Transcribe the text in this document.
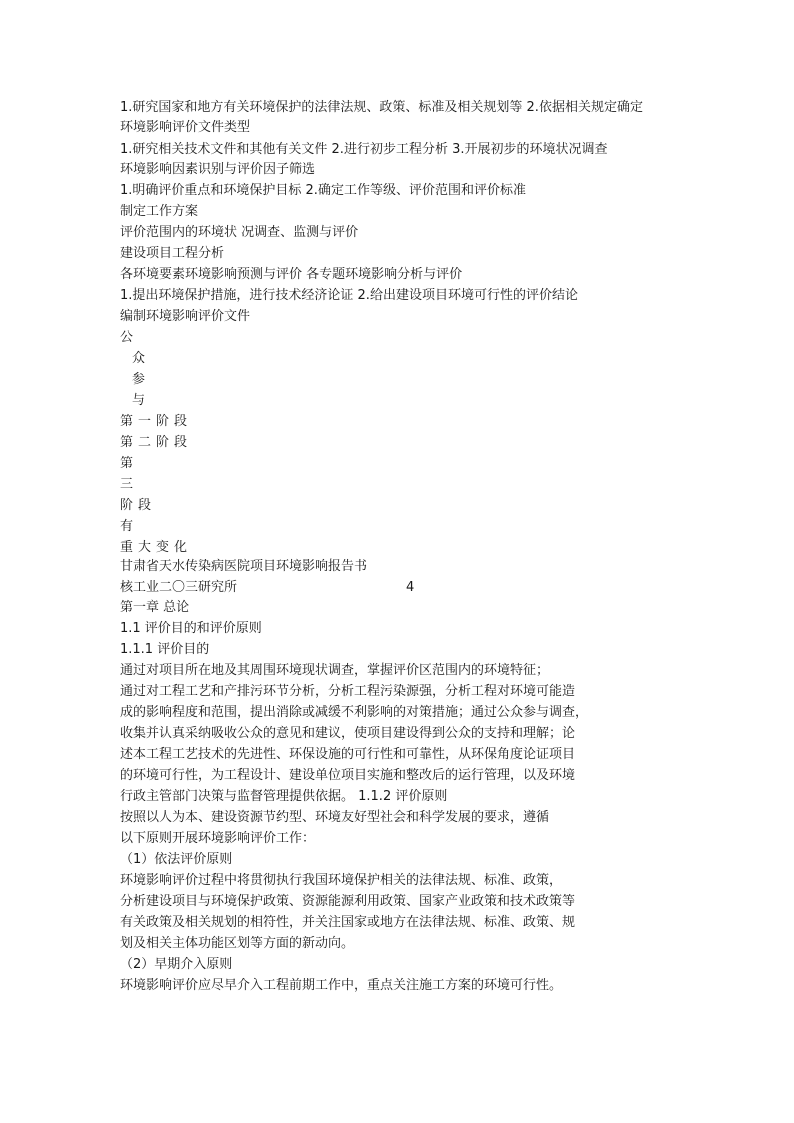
1.研究国家和地方有关环境保护的法律法规、政策、标准及相关规划等 2.依据相关规定确定

环境影响评价文件类型

1.研究相关技术文件和其他有关文件 2.进行初步工程分析 3.开展初步的环境状况调查

环境影响因素识别与评价因子筛选

1.明确评价重点和环境保护目标 2.确定工作等级、评价范围和评价标准

制定工作方案

评价范围内的环境状 况调查、监测与评价

建设项目工程分析

各环境要素环境影响预测与评价 各专题环境影响分析与评价

1.提出环境保护措施，进行技术经济论证 2.给出建设项目环境可行性的评价结论

编制环境影响评价文件

公

众

参

与

第一阶段

第二阶段

第

三

阶段

有

重大变化

甘肃省天水传染病医院项目环境影响报告书

核工业二〇三研究所	4

第一章 总论

1.1 评价目的和评价原则

1.1.1 评价目的

通过对项目所在地及其周围环境现状调查，掌握评价区范围内的环境特征；

通过对工程工艺和产排污环节分析，分析工程污染源强，分析工程对环境可能造

成的影响程度和范围，提出消除或减缓不利影响的对策措施；通过公众参与调查，

收集并认真采纳吸收公众的意见和建议，使项目建设得到公众的支持和理解；论

述本工程工艺技术的先进性、环保设施的可行性和可靠性，从环保角度论证项目

的环境可行性，为工程设计、建设单位项目实施和整改后的运行管理，以及环境

行政主管部门决策与监督管理提供依据。 1.1.2 评价原则

按照以人为本、建设资源节约型、环境友好型社会和科学发展的要求，遵循

以下原则开展环境影响评价工作：

（1）依法评价原则

环境影响评价过程中将贯彻执行我国环境保护相关的法律法规、标准、政策，

分析建设项目与环境保护政策、资源能源利用政策、国家产业政策和技术政策等

有关政策及相关规划的相符性，并关注国家或地方在法律法规、标准、政策、规

划及相关主体功能区划等方面的新动向。

（2）早期介入原则

环境影响评价应尽早介入工程前期工作中，重点关注施工方案的环境可行性。
